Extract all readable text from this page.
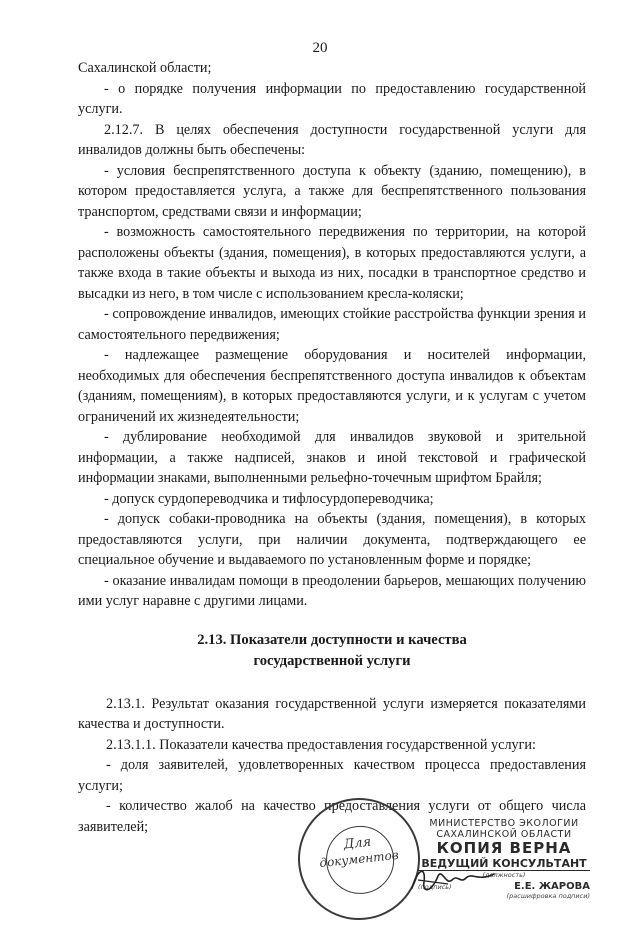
20

Сахалинской области;

- о порядке получения информации по предоставлению государственной услуги.

2.12.7. В целях обеспечения доступности государственной услуги для инвалидов должны быть обеспечены:

- условия беспрепятственного доступа к объекту (зданию, помещению), в котором предоставляется услуга, а также для беспрепятственного пользования транспортом, средствами связи и информации;

- возможность самостоятельного передвижения по территории, на которой расположены объекты (здания, помещения), в которых предоставляются услуги, а также входа в такие объекты и выхода из них, посадки в транспортное средство и высадки из него, в том числе с использованием кресла-коляски;

- сопровождение инвалидов, имеющих стойкие расстройства функции зрения и самостоятельного передвижения;

- надлежащее размещение оборудования и носителей информации, необходимых для обеспечения беспрепятственного доступа инвалидов к объектам (зданиям, помещениям), в которых предоставляются услуги, и к услугам с учетом ограничений их жизнедеятельности;

- дублирование необходимой для инвалидов звуковой и зрительной информации, а также надписей, знаков и иной текстовой и графической информации знаками, выполненными рельефно-точечным шрифтом Брайля;

- допуск сурдопереводчика и тифлосурдопереводчика;

- допуск собаки-проводника на объекты (здания, помещения), в которых предоставляются услуги, при наличии документа, подтверждающего ее специальное обучение и выдаваемого по установленным форме и порядке;

- оказание инвалидам помощи в преодолении барьеров, мешающих получению ими услуг наравне с другими лицами.

2.13. Показатели доступности и качества
государственной услуги

2.13.1. Результат оказания государственной услуги измеряется показателями качества и доступности.

2.13.1.1. Показатели качества предоставления государственной услуги:

- доля заявителей, удовлетворенных качеством процесса предоставления услуги;

- количество жалоб на качество предоставления услуги от общего числа заявителей;

Для
документов
МИНИСТЕРСТВО ЭКОЛОГИИ
САХАЛИНСКОЙ ОБЛАСТИ
КОПИЯ ВЕРНА
ВЕДУЩИЙ КОНСУЛЬТАНТ
(должность)
(подпись)	Е.Е. ЖАРОВА
(расшифровка подписи)
